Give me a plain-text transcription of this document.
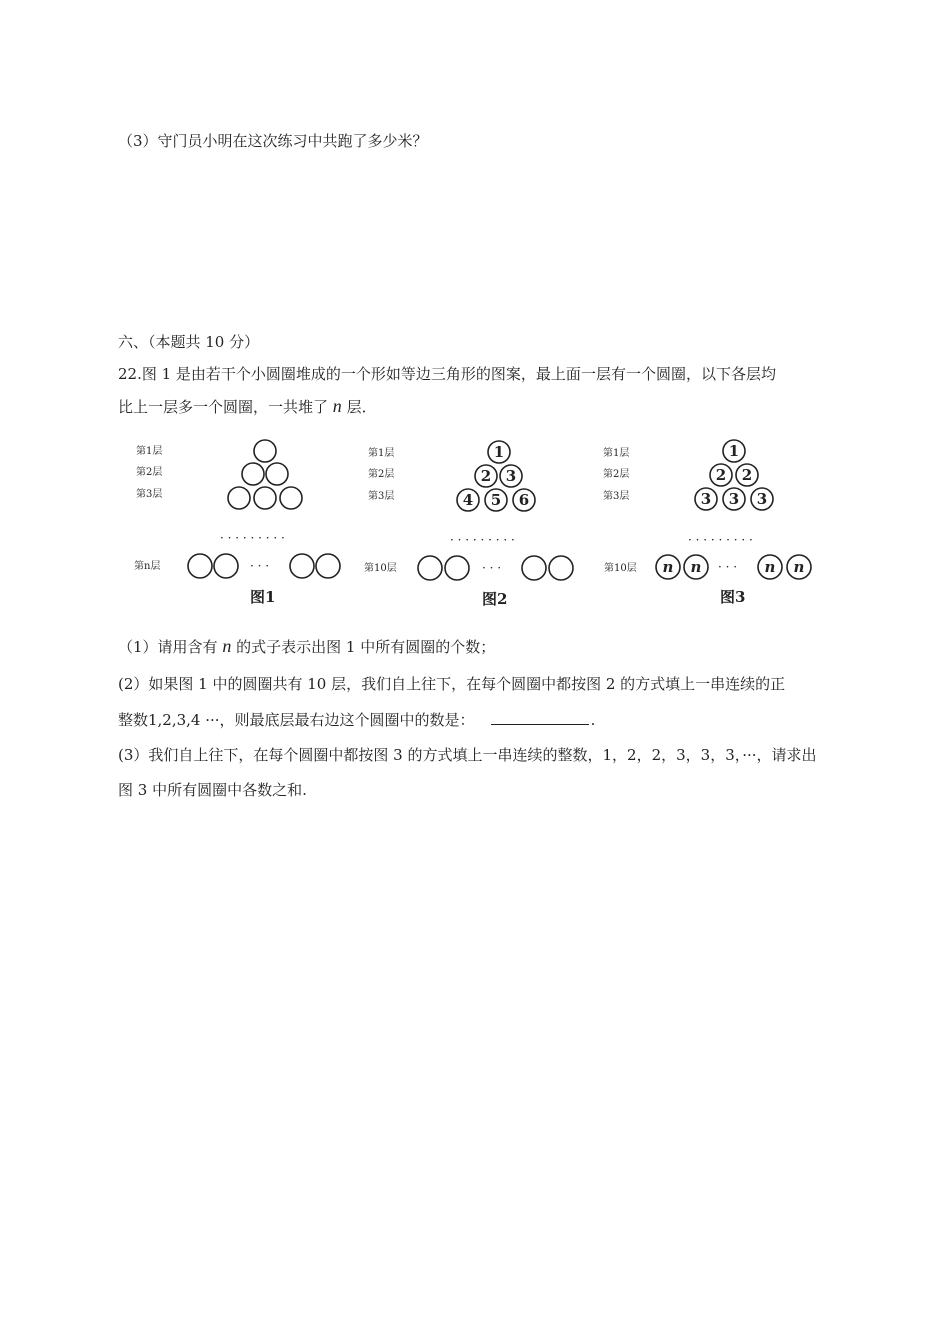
（3）守门员小明在这次练习中共跑了多少米？
六、（本题共 10 分）
22.图 1 是由若干个小圆圈堆成的一个形如等边三角形的图案，最上面一层有一个圆圈，以下各层均
比上一层多一个圆圈，一共堆了 n 层．
第1层
第2层
第3层
第n层
· · · · · · · · ·
· · ·
图1
第1层
第2层
第3层
第10层
1
2 3
4 5 6
· · · · · · · · ·
· · ·
图2
第1层
第2层
第3层
第10层
1
2 2
3 3 3
n n	n n
· · · · · · · · ·
· · ·
图3
（1）请用含有 n 的式子表示出图 1 中所有圆圈的个数；
(2）如果图 1 中的圆圈共有 10 层，我们自上往下，在每个圆圈中都按图 2 的方式填上一串连续的正
整数1,2,3,4 ···，则最底层最右边这个圆圈中的数是：	.
(3）我们自上往下，在每个圆圈中都按图 3 的方式填上一串连续的整数，1，2，2，3，3，3，···，请求出
图 3 中所有圆圈中各数之和.
